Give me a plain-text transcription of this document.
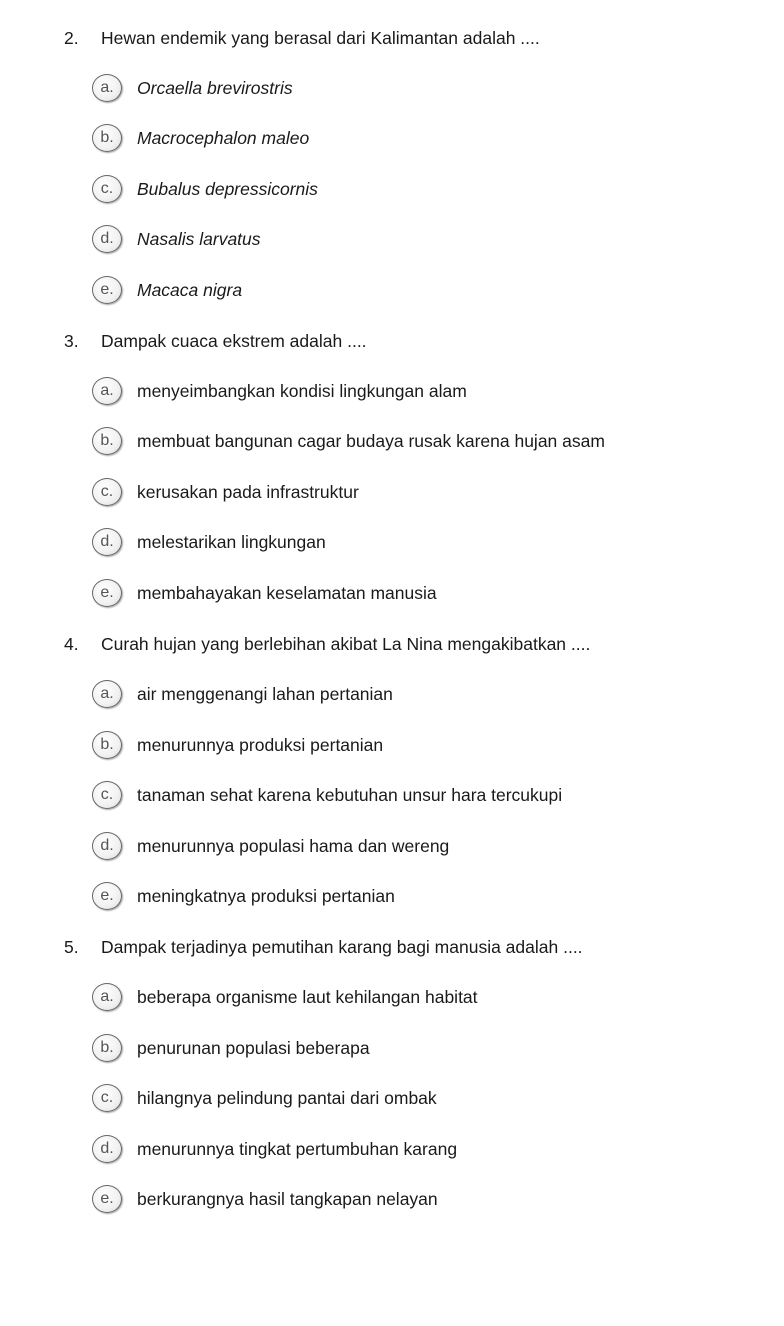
2. Hewan endemik yang berasal dari Kalimantan adalah ....
a.	Orcaella brevirostris
b.	Macrocephalon maleo
c.	Bubalus depressicornis
d.	Nasalis larvatus
e.	Macaca nigra
3. Dampak cuaca ekstrem adalah ....
a.	menyeimbangkan kondisi lingkungan alam
b.	membuat bangunan cagar budaya rusak karena hujan asam
c.	kerusakan pada infrastruktur
d.	melestarikan lingkungan
e.	membahayakan keselamatan manusia
4. Curah hujan yang berlebihan akibat La Nina mengakibatkan ....
a.	air menggenangi lahan pertanian
b.	menurunnya produksi pertanian
c.	tanaman sehat karena kebutuhan unsur hara tercukupi
d.	menurunnya populasi hama dan wereng
e.	meningkatnya produksi pertanian
5. Dampak terjadinya pemutihan karang bagi manusia adalah ....
a.	beberapa organisme laut kehilangan habitat
b.	penurunan populasi beberapa
c.	hilangnya pelindung pantai dari ombak
d.	menurunnya tingkat pertumbuhan karang
e.	berkurangnya hasil tangkapan nelayan
